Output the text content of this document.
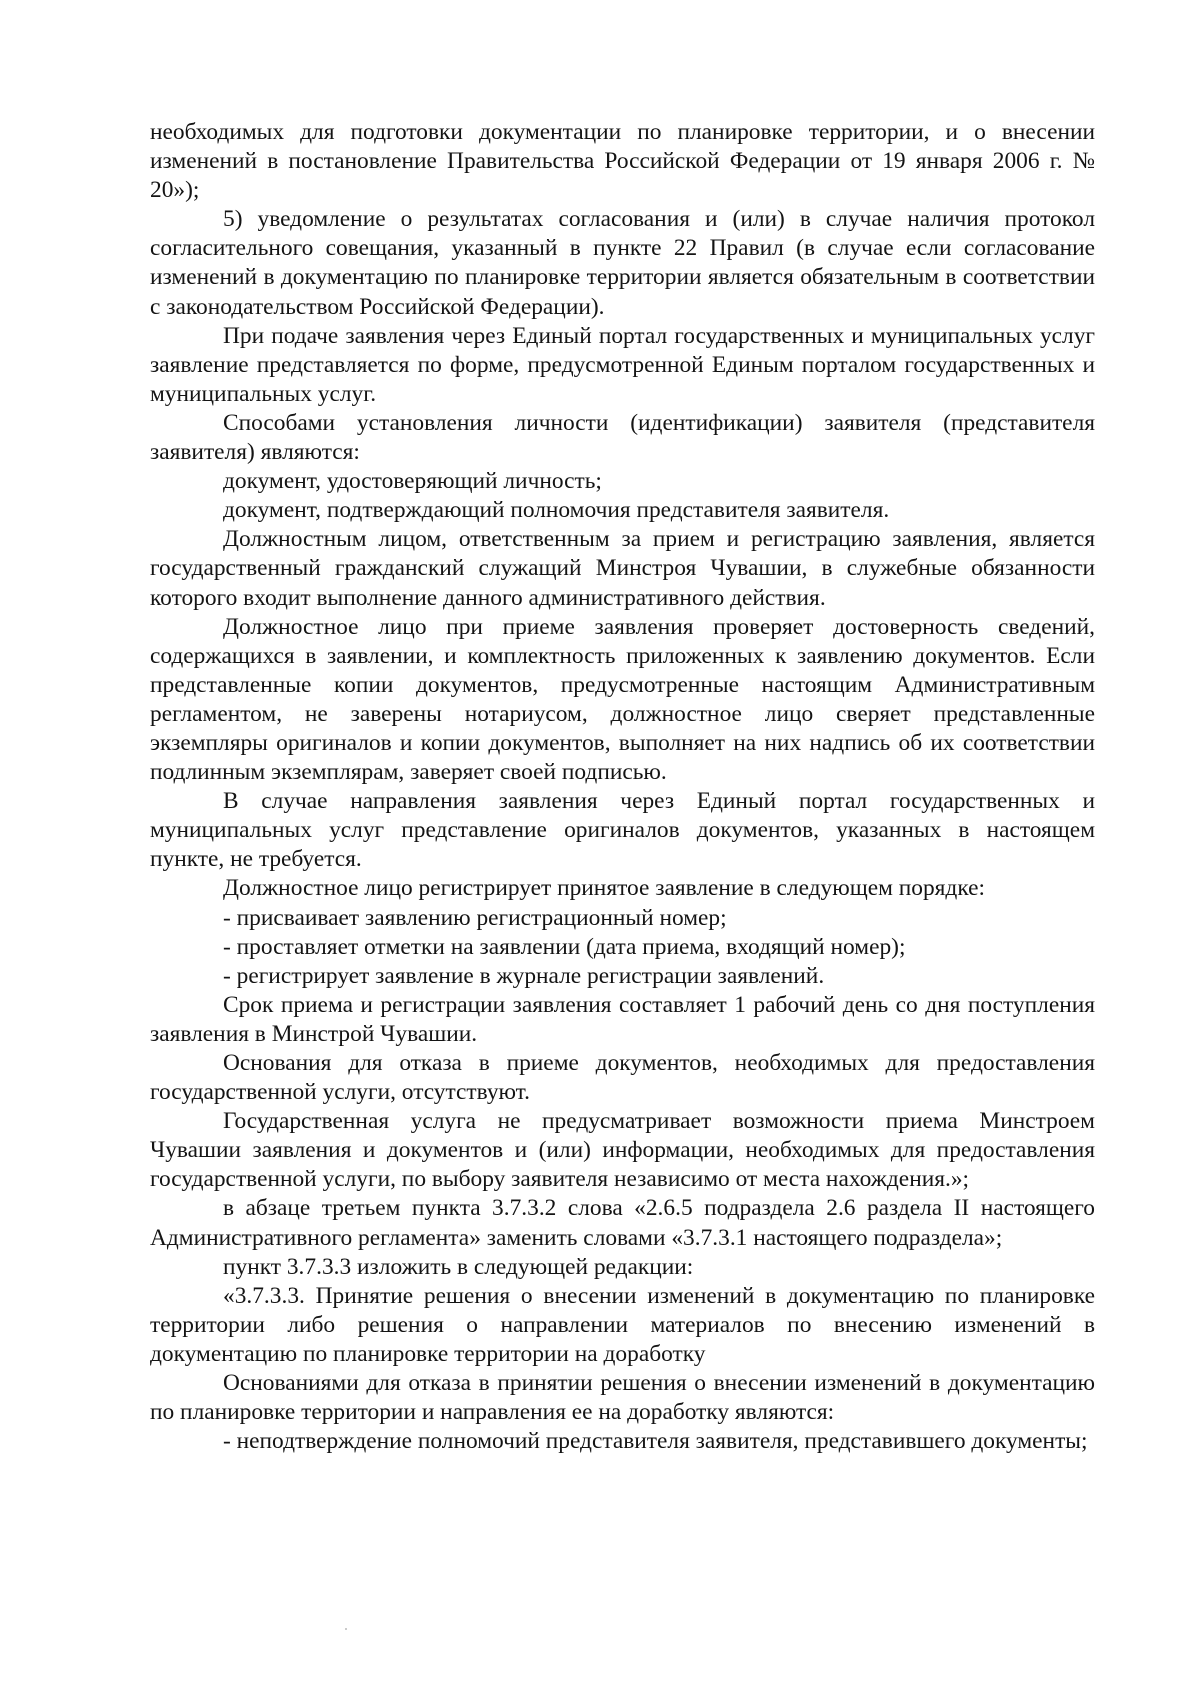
необходимых для подготовки документации по планировке территории, и о внесении изменений в постановление Правительства Российской Федерации от 19 января 2006 г. № 20»);

5) уведомление о результатах согласования и (или) в случае наличия протокол согласительного совещания, указанный в пункте 22 Правил (в случае если согласование изменений в документацию по планировке территории является обязательным в соответствии с законодательством Российской Федерации).

При подаче заявления через Единый портал государственных и муниципальных услуг заявление представляется по форме, предусмотренной Единым порталом государственных и муниципальных услуг.

Способами установления личности (идентификации) заявителя (представителя заявителя) являются:

документ, удостоверяющий личность;

документ, подтверждающий полномочия представителя заявителя.

Должностным лицом, ответственным за прием и регистрацию заявления, является государственный гражданский служащий Минстроя Чувашии, в служебные обязанности которого входит выполнение данного административного действия.

Должностное лицо при приеме заявления проверяет достоверность сведений, содержащихся в заявлении, и комплектность приложенных к заявлению документов. Если представленные копии документов, предусмотренные настоящим Административным регламентом, не заверены нотариусом, должностное лицо сверяет представленные экземпляры оригиналов и копии документов, выполняет на них надпись об их соответствии подлинным экземплярам, заверяет своей подписью.

В случае направления заявления через Единый портал государственных и муниципальных услуг представление оригиналов документов, указанных в настоящем пункте, не требуется.

Должностное лицо регистрирует принятое заявление в следующем порядке:

- присваивает заявлению регистрационный номер;

- проставляет отметки на заявлении (дата приема, входящий номер);

- регистрирует заявление в журнале регистрации заявлений.

Срок приема и регистрации заявления составляет 1 рабочий день со дня поступления заявления в Минстрой Чувашии.

Основания для отказа в приеме документов, необходимых для предоставления государственной услуги, отсутствуют.

Государственная услуга не предусматривает возможности приема Минстроем Чувашии заявления и документов и (или) информации, необходимых для предоставления государственной услуги, по выбору заявителя независимо от места нахождения.»;

в абзаце третьем пункта 3.7.3.2 слова «2.6.5 подраздела 2.6 раздела II настоящего Административного регламента» заменить словами «3.7.3.1 настоящего подраздела»;

пункт 3.7.3.3 изложить в следующей редакции:

«3.7.3.3. Принятие решения о внесении изменений в документацию по планировке территории либо решения о направлении материалов по внесению изменений в документацию по планировке территории на доработку

Основаниями для отказа в принятии решения о внесении изменений в документацию по планировке территории и направления ее на доработку являются:

- неподтверждение полномочий представителя заявителя, представившего документы;
